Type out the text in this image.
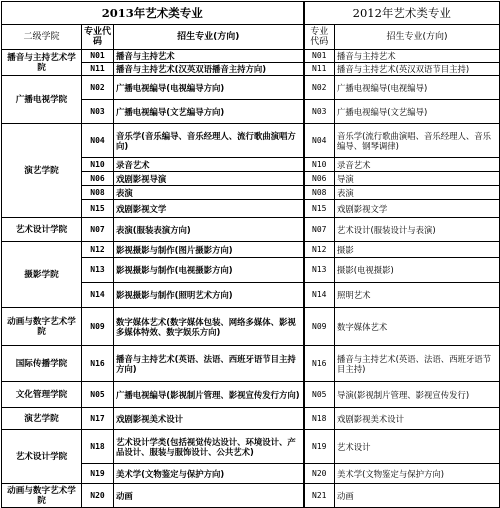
2013年艺术类专业			2012年艺术类专业	
二级学院	专业代码	招生专业(方向)	专业代码	招生专业(方向)
播音与主持艺术学院	N01	播音与主持艺术	N01	播音与主持艺术
	N11	播音与主持艺术(汉英双语播音主持方向)	N11	播音与主持艺术(英汉双语节目主持)
广播电视学院	N02	广播电视编导(电视编导方向)	N02	广播电视编导(电视编导)
	N03	广播电视编导(文艺编导方向)	N03	广播电视编导(文艺编导)
演艺学院	N04	音乐学(音乐编导、音乐经理人、流行歌曲演唱方向)	N04	音乐学(流行歌曲演唱、音乐经理人、音乐编导、钢琴调律)
	N10	录音艺术	N10	录音艺术
	N06	戏剧影视导演	N06	导演
	N08	表演	N08	表演
	N15	戏剧影视文学	N15	戏剧影视文学
艺术设计学院	N07	表演(服装表演方向)	N07	艺术设计(服装设计与表演)
摄影学院	N12	影视摄影与制作(图片摄影方向)	N12	摄影
	N13	影视摄影与制作(电视摄影方向)	N13	摄影(电视摄影)
	N14	影视摄影与制作(照明艺术方向)	N14	照明艺术
动画与数字艺术学院	N09	数字媒体艺术(数字媒体包装、网络多媒体、影视多媒体特效、数字娱乐方向)	N09	数字媒体艺术
国际传播学院	N16	播音与主持艺术(英语、法语、西班牙语节目主持方向)	N16	播音与主持艺术(英语、法语、西班牙语节目主持)
文化管理学院	N05	广播电视编导(影视制片管理、影视宣传发行方向)	N05	导演(影视制片管理、影视宣传发行)
演艺学院	N17	戏剧影视美术设计	N18	戏剧影视美术设计
艺术设计学院	N18	艺术设计学类(包括视觉传达设计、环境设计、产品设计、服装与服饰设计、公共艺术)	N19	艺术设计
	N19	美术学(文物鉴定与保护方向)	N20	美术学(文物鉴定与保护方向)
动画与数字艺术学院	N20	动画	N21	动画
